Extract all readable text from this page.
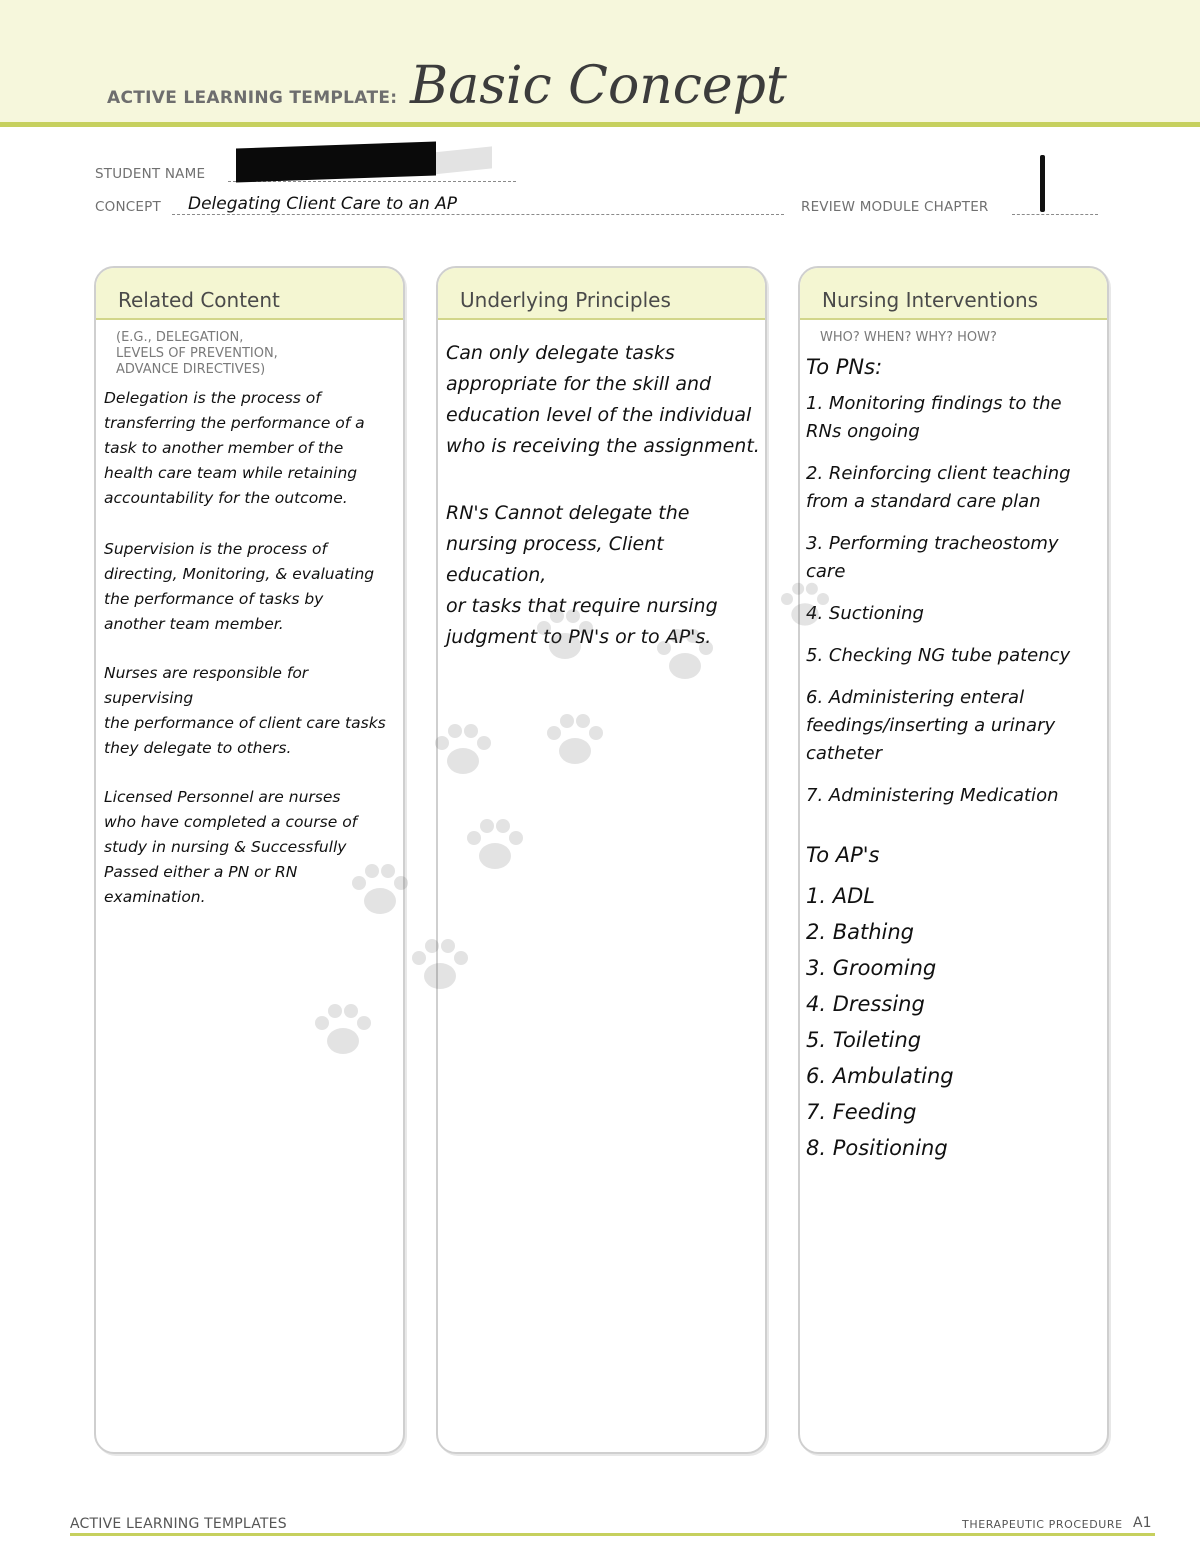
ACTIVE LEARNING TEMPLATE: Basic Concept
STUDENT NAME
CONCEPT Delegating Client Care to an AP	REVIEW MODULE CHAPTER
Related Content
(E.G., DELEGATION,
LEVELS OF PREVENTION,
ADVANCE DIRECTIVES)

Delegation is the process of
transferring the performance of a
task to another member of the
health care team while retaining
accountability for the outcome.

Supervision is the process of
directing, Monitoring, & evaluating
the performance of tasks by
another team member.

Nurses are responsible for supervising
the performance of client care tasks
they delegate to others.

Licensed Personnel are nurses
who have completed a course of
study in nursing & Successfully
Passed either a PN or RN
examination.

Underlying Principles

Can only delegate tasks
appropriate for the skill and
education level of the individual
who is receiving the assignment.

RN's Cannot delegate the
nursing process, Client education,
or tasks that require nursing
judgment to PN's or to

Nursing Interventions
WHO? WHEN? WHY? HOW?
To PNs:
1. Monitoring findings to the
RNs ongoing
2. Reinforcing client teaching
from a standard care plan
3. Performing tracheostomy
care
4. Suctioning
5. Checking NG tube patency
6. Administering enteral
feedings/inserting a urinary
catheter
7. Administering Medication
To AP's
1. ADL
2. Bathing
3. Grooming
4. Dressing
5. Toileting
6. Ambulating
7. Feeding
8. Positioning
ACTIVE LEARNING TEMPLATES	THERAPEUTIC PROCEDURE A1
